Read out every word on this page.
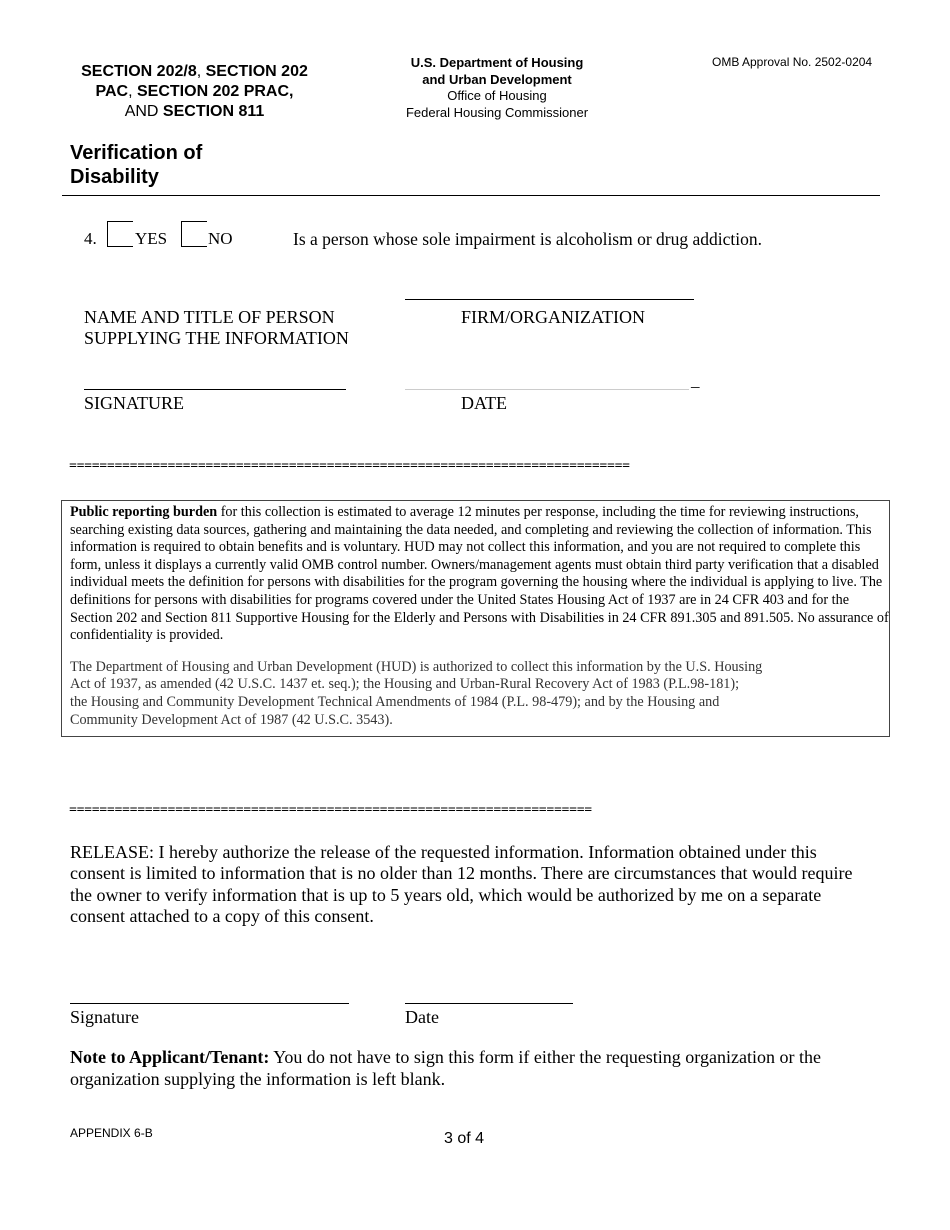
SECTION 202/8, SECTION 202
PAC, SECTION 202 PRAC,
AND SECTION 811
U.S. Department of Housing
and Urban Development
Office of Housing
Federal Housing Commissioner
OMB Approval No. 2502-0204
Verification of
Disability
4. YES NO	Is a person whose sole impairment is alcoholism or drug addiction.
NAME AND TITLE OF PERSON
SUPPLYING THE INFORMATION
FIRM/ORGANIZATION
_
SIGNATURE	DATE
==========================================================================

Public reporting burden for this collection is estimated to average 12 minutes per response, including the time for reviewing instructions, searching existing data sources, gathering and maintaining the data needed, and completing and reviewing the collection of information. This information is required to obtain benefits and is voluntary. HUD may not collect this information, and you are not required to complete this form, unless it displays a currently valid OMB control number. Owners/management agents must obtain third party verification that a disabled individual meets the definition for persons with disabilities for the program governing the housing where the individual is applying to live. The definitions for persons with disabilities for programs covered under the United States Housing Act of 1937 are in 24 CFR 403 and for the Section 202 and Section 811 Supportive Housing for the Elderly and Persons with Disabilities in 24 CFR 891.305 and 891.505. No assurance of confidentiality is provided.

The Department of Housing and Urban Development (HUD) is authorized to collect this information by the U.S. Housing
Act of 1937, as amended (42 U.S.C. 1437 et. seq.); the Housing and Urban-Rural Recovery Act of 1983 (P.L.98-181);
the Housing and Community Development Technical Amendments of 1984 (P.L. 98-479); and by the Housing and
Community Development Act of 1987 (42 U.S.C. 3543).
=====================================================================
RELEASE: I hereby authorize the release of the requested information. Information obtained under this consent is limited to information that is no older than 12 months. There are circumstances that would require the owner to verify information that is up to 5 years old, which would be authorized by me on a separate consent attached to a copy of this consent.
Signature	Date
Note to Applicant/Tenant: You do not have to sign this form if either the requesting organization or the organization supplying the information is left blank.
APPENDIX 6-B	3 of 4
